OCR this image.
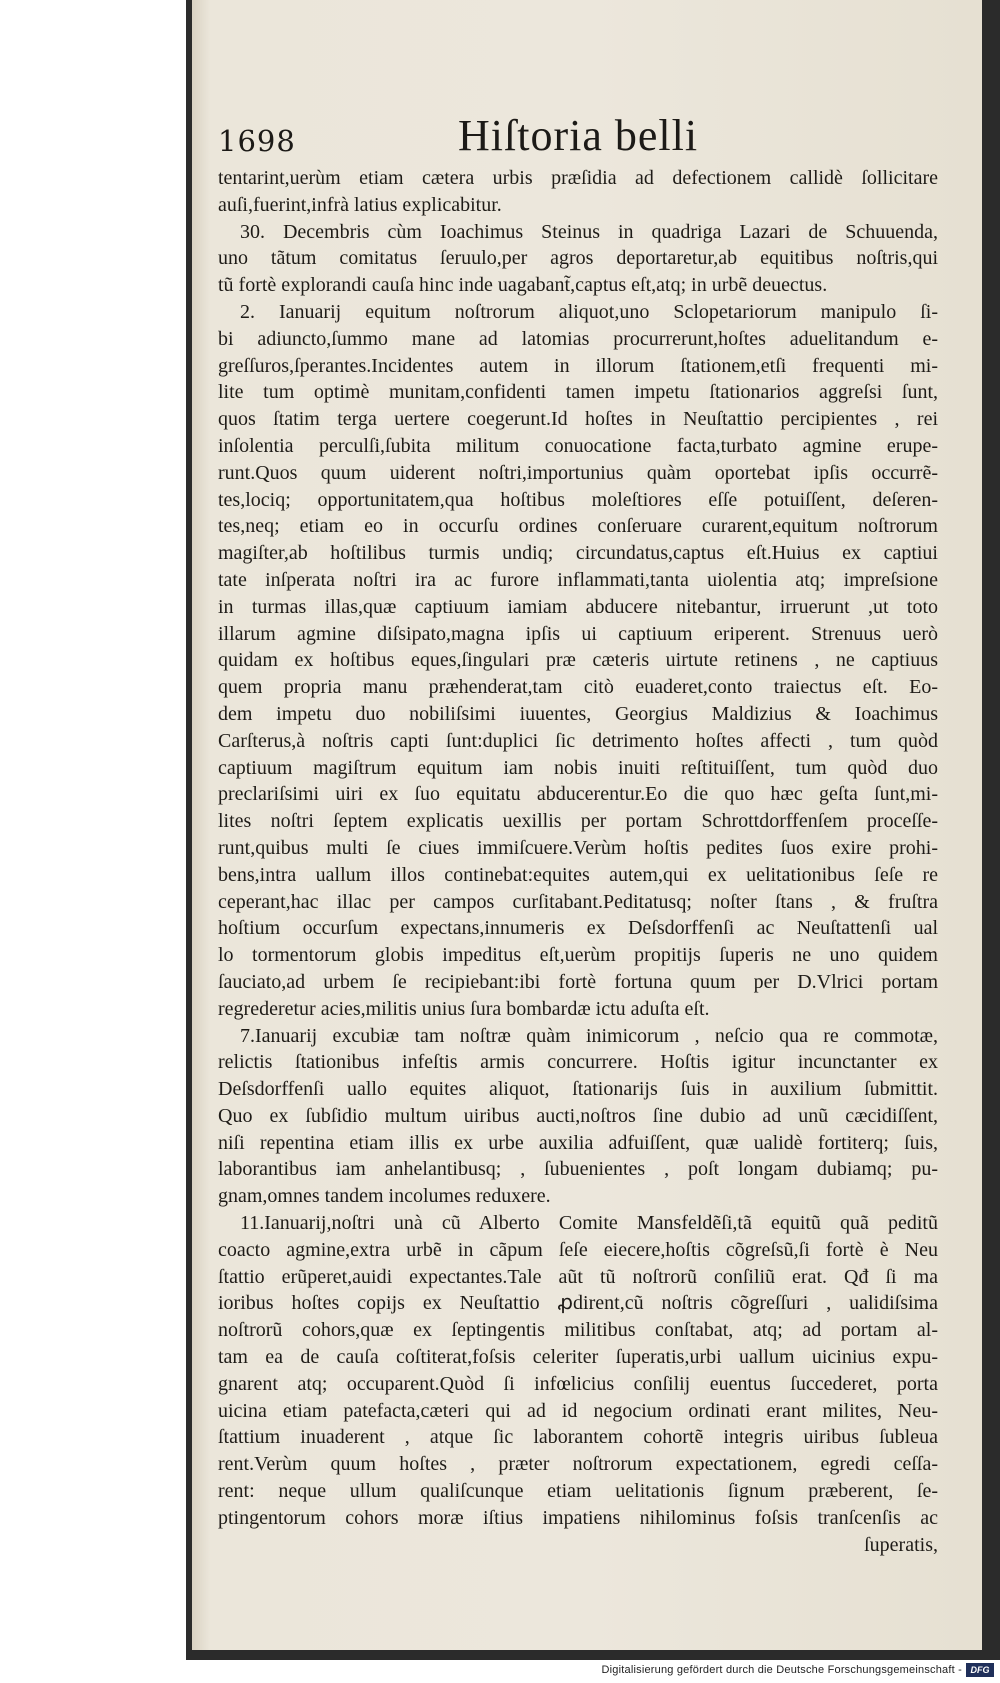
1698	Hiſtoria belli
tentarint,uerùm etiam cætera urbis præſidia ad defectionem callidè ſollicitare
auſi,fuerint,infrà latius explicabitur.
30. Decembris cùm Ioachimus Steinus in quadriga Lazari de Schuuenda,
uno tãtum comitatus ſeruulo,per agros deportaretur,ab equitibus noſtris,qui
tũ fortè explorandi cauſa hinc inde uagabant̃,captus eſt,atq; in urbẽ deuectus.
2. Ianuarij equitum noſtrorum aliquot,uno Sclopetariorum manipulo ſi-
bi adiuncto,ſummo mane ad latomias procurrerunt,hoſtes aduelitandum e-
greſſuros,ſperantes.Incidentes autem in illorum ſtationem,etſi frequenti mi-
lite tum optimè munitam,confidenti tamen impetu ſtationarios aggreſsi ſunt,
quos ſtatim terga uertere coegerunt.Id hoſtes in Neuſtattio percipientes , rei
inſolentia perculſi,ſubita militum conuocatione facta,turbato agmine erupe-
runt.Quos quum uiderent noſtri,importunius quàm oportebat ipſis occurrẽ-
tes,lociq; opportunitatem,qua hoſtibus moleſtiores eſſe potuiſſent, deſeren-
tes,neq; etiam eo in occurſu ordines conſeruare curarent,equitum noſtrorum
magiſter,ab hoſtilibus turmis undiq; circundatus,captus eſt.Huius ex captiui
tate inſperata noſtri ira ac furore inflammati,tanta uiolentia atq; impreſsione
in turmas illas,quæ captiuum iamiam abducere nitebantur, irruerunt ,ut toto
illarum agmine diſsipato,magna ipſis ui captiuum eriperent. Strenuus uerò
quidam ex hoſtibus eques,ſingulari præ cæteris uirtute retinens , ne captiuus
quem propria manu præhenderat,tam citò euaderet,conto traiectus eſt. Eo-
dem impetu duo nobiliſsimi iuuentes, Georgius Maldizius & Ioachimus
Carſterus,à noſtris capti ſunt:duplici ſic detrimento hoſtes affecti , tum quòd
captiuum magiſtrum equitum iam nobis inuiti reſtituiſſent, tum quòd duo
preclariſsimi uiri ex ſuo equitatu abducerentur.Eo die quo hæc geſta ſunt,mi-
lites noſtri ſeptem explicatis uexillis per portam Schrottdorffenſem proceſſe-
runt,quibus multi ſe ciues immiſcuere.Verùm hoſtis pedites ſuos exire prohi-
bens,intra uallum illos continebat:equites autem,qui ex uelitationibus ſeſe re
ceperant,hac illac per campos curſitabant.Peditatusq; noſter ſtans , & fruſtra
hoſtium occurſum expectans,innumeris ex Deſsdorffenſi ac Neuſtattenſi ual
lo tormentorum globis impeditus eſt,uerùm propitijs ſuperis ne uno quidem
ſauciato,ad urbem ſe recipiebant:ibi fortè fortuna quum per D.Vlrici portam
regrederetur acies,militis unius ſura bombardæ ictu aduſta eſt.
7.Ianuarij excubiæ tam noſtræ quàm inimicorum , neſcio qua re commotæ,
relictis ſtationibus infeſtis armis concurrere. Hoſtis igitur incunctanter ex
Deſsdorffenſi uallo equites aliquot, ſtationarijs ſuis in auxilium ſubmittit.
Quo ex ſubſidio multum uiribus aucti,noſtros ſine dubio ad unũ cæcidiſſent,
niſi repentina etiam illis ex urbe auxilia adfuiſſent, quæ ualidè fortiterq; ſuis,
laborantibus iam anhelantibusq; , ſubuenientes , poſt longam dubiamq; pu-
gnam,omnes tandem incolumes reduxere.
11.Ianuarij,noſtri unà cũ Alberto Comite Mansfeldẽſi,tã equitũ quã peditũ
coacto agmine,extra urbẽ in cãpum ſeſe eiecere,hoſtis cõgreſsũ,ſi fortè è Neu
ſtattio erũperet,auidi expectantes.Tale aũt tũ noſtrorũ conſiliũ erat. Qđ ſi ma
ioribus hoſtes copijs ex Neuſtattio ꝓdirent,cũ noſtris cõgreſſuri , ualidiſsima
noſtrorũ cohors,quæ ex ſeptingentis militibus conſtabat, atq; ad portam al-
tam ea de cauſa coſtiterat,foſsis celeriter ſuperatis,urbi uallum uicinius expu-
gnarent atq; occuparent.Quòd ſi infœlicius conſilij euentus ſuccederet, porta
uicina etiam patefacta,cæteri qui ad id negocium ordinati erant milites, Neu-
ſtattium inuaderent , atque ſic laborantem cohortẽ integris uiribus ſubleua
rent.Verùm quum hoſtes , præter noſtrorum expectationem, egredi ceſſa-
rent: neque ullum qualiſcunque etiam uelitationis ſignum præberent, ſe-
ptingentorum cohors moræ iſtius impatiens nihilominus foſsis tranſcenſis ac
ſuperatis,
Digitalisierung gefördert durch die Deutsche Forschungsgemeinschaft - DFG
